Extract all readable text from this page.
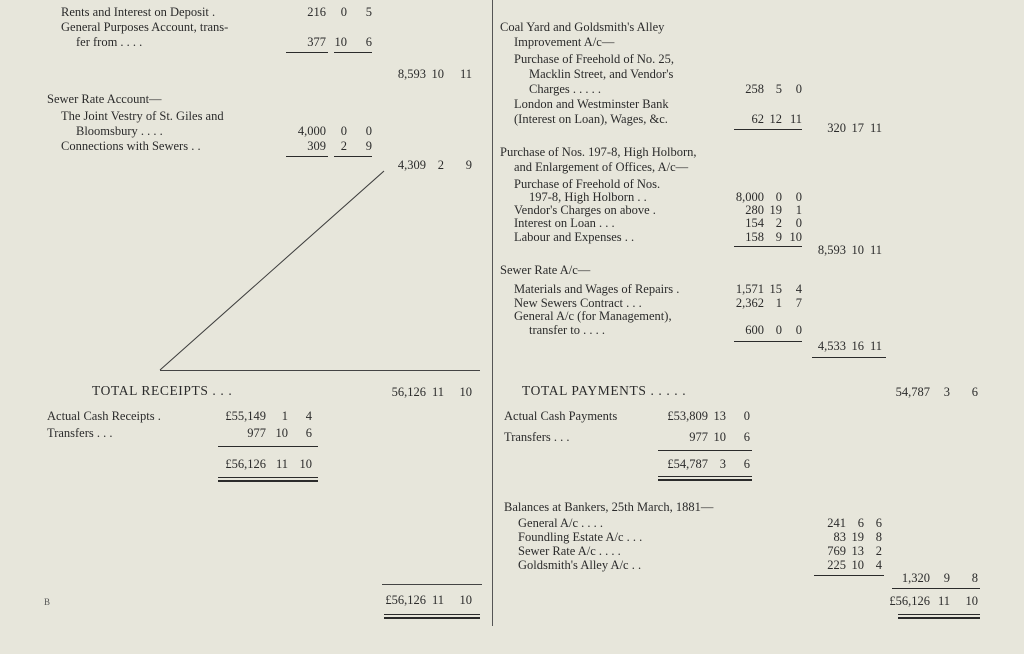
Rents and Interest on Deposit .	216	0	5
General Purposes Account, trans-
fer from . . . .	377 10	6
8,593 10	11
Sewer Rate Account—
The Joint Vestry of St. Giles and
Bloomsbury . . . .	4,000	0	0
Connections with Sewers . .	309	2	9
4,309 2	9
TOTAL RECEIPTS . . .	56,126 11 10
Actual Cash Receipts .	£55,149	1	4
Transfers . . .	977 10	6
£56,126 11 10
£56,126 11 10
B
Coal Yard and Goldsmith's Alley
Improvement A/c—
Purchase of Freehold of No. 25,
Macklin Street, and Vendor's
Charges . . . . .	258 5	0
London and Westminster Bank
(Interest on Loan), Wages, &c.	62 12 11
320 17 11
Purchase of Nos. 197-8, High Holborn,
and Enlargement of Offices, A/c—
Purchase of Freehold of Nos.
197-8, High Holborn . .	8,000 0	0
Vendor's Charges on above .	280 19	1
Interest on Loan . . .	154 2	0
Labour and Expenses . .	158 9 10
8,593 10 11
Sewer Rate A/c—
Materials and Wages of Repairs .	1,571 15	4
New Sewers Contract . . .	2,362 1	7
General A/c (for Management),
transfer to . . . .	600 0	0
4,533 16 11
TOTAL PAYMENTS . . . . .	54,787	3	6
Actual Cash Payments	£53,809 13	0
Transfers . . .	977 10	6
£54,787 3	6
Balances at Bankers, 25th March, 1881—
General A/c . . . .	241 6 6
Foundling Estate A/c . . .	83 19 8
Sewer Rate A/c . . . .	769 13 2
Goldsmith's Alley A/c . .	225 10 4
1,320	9	8
£56,126 11 10
